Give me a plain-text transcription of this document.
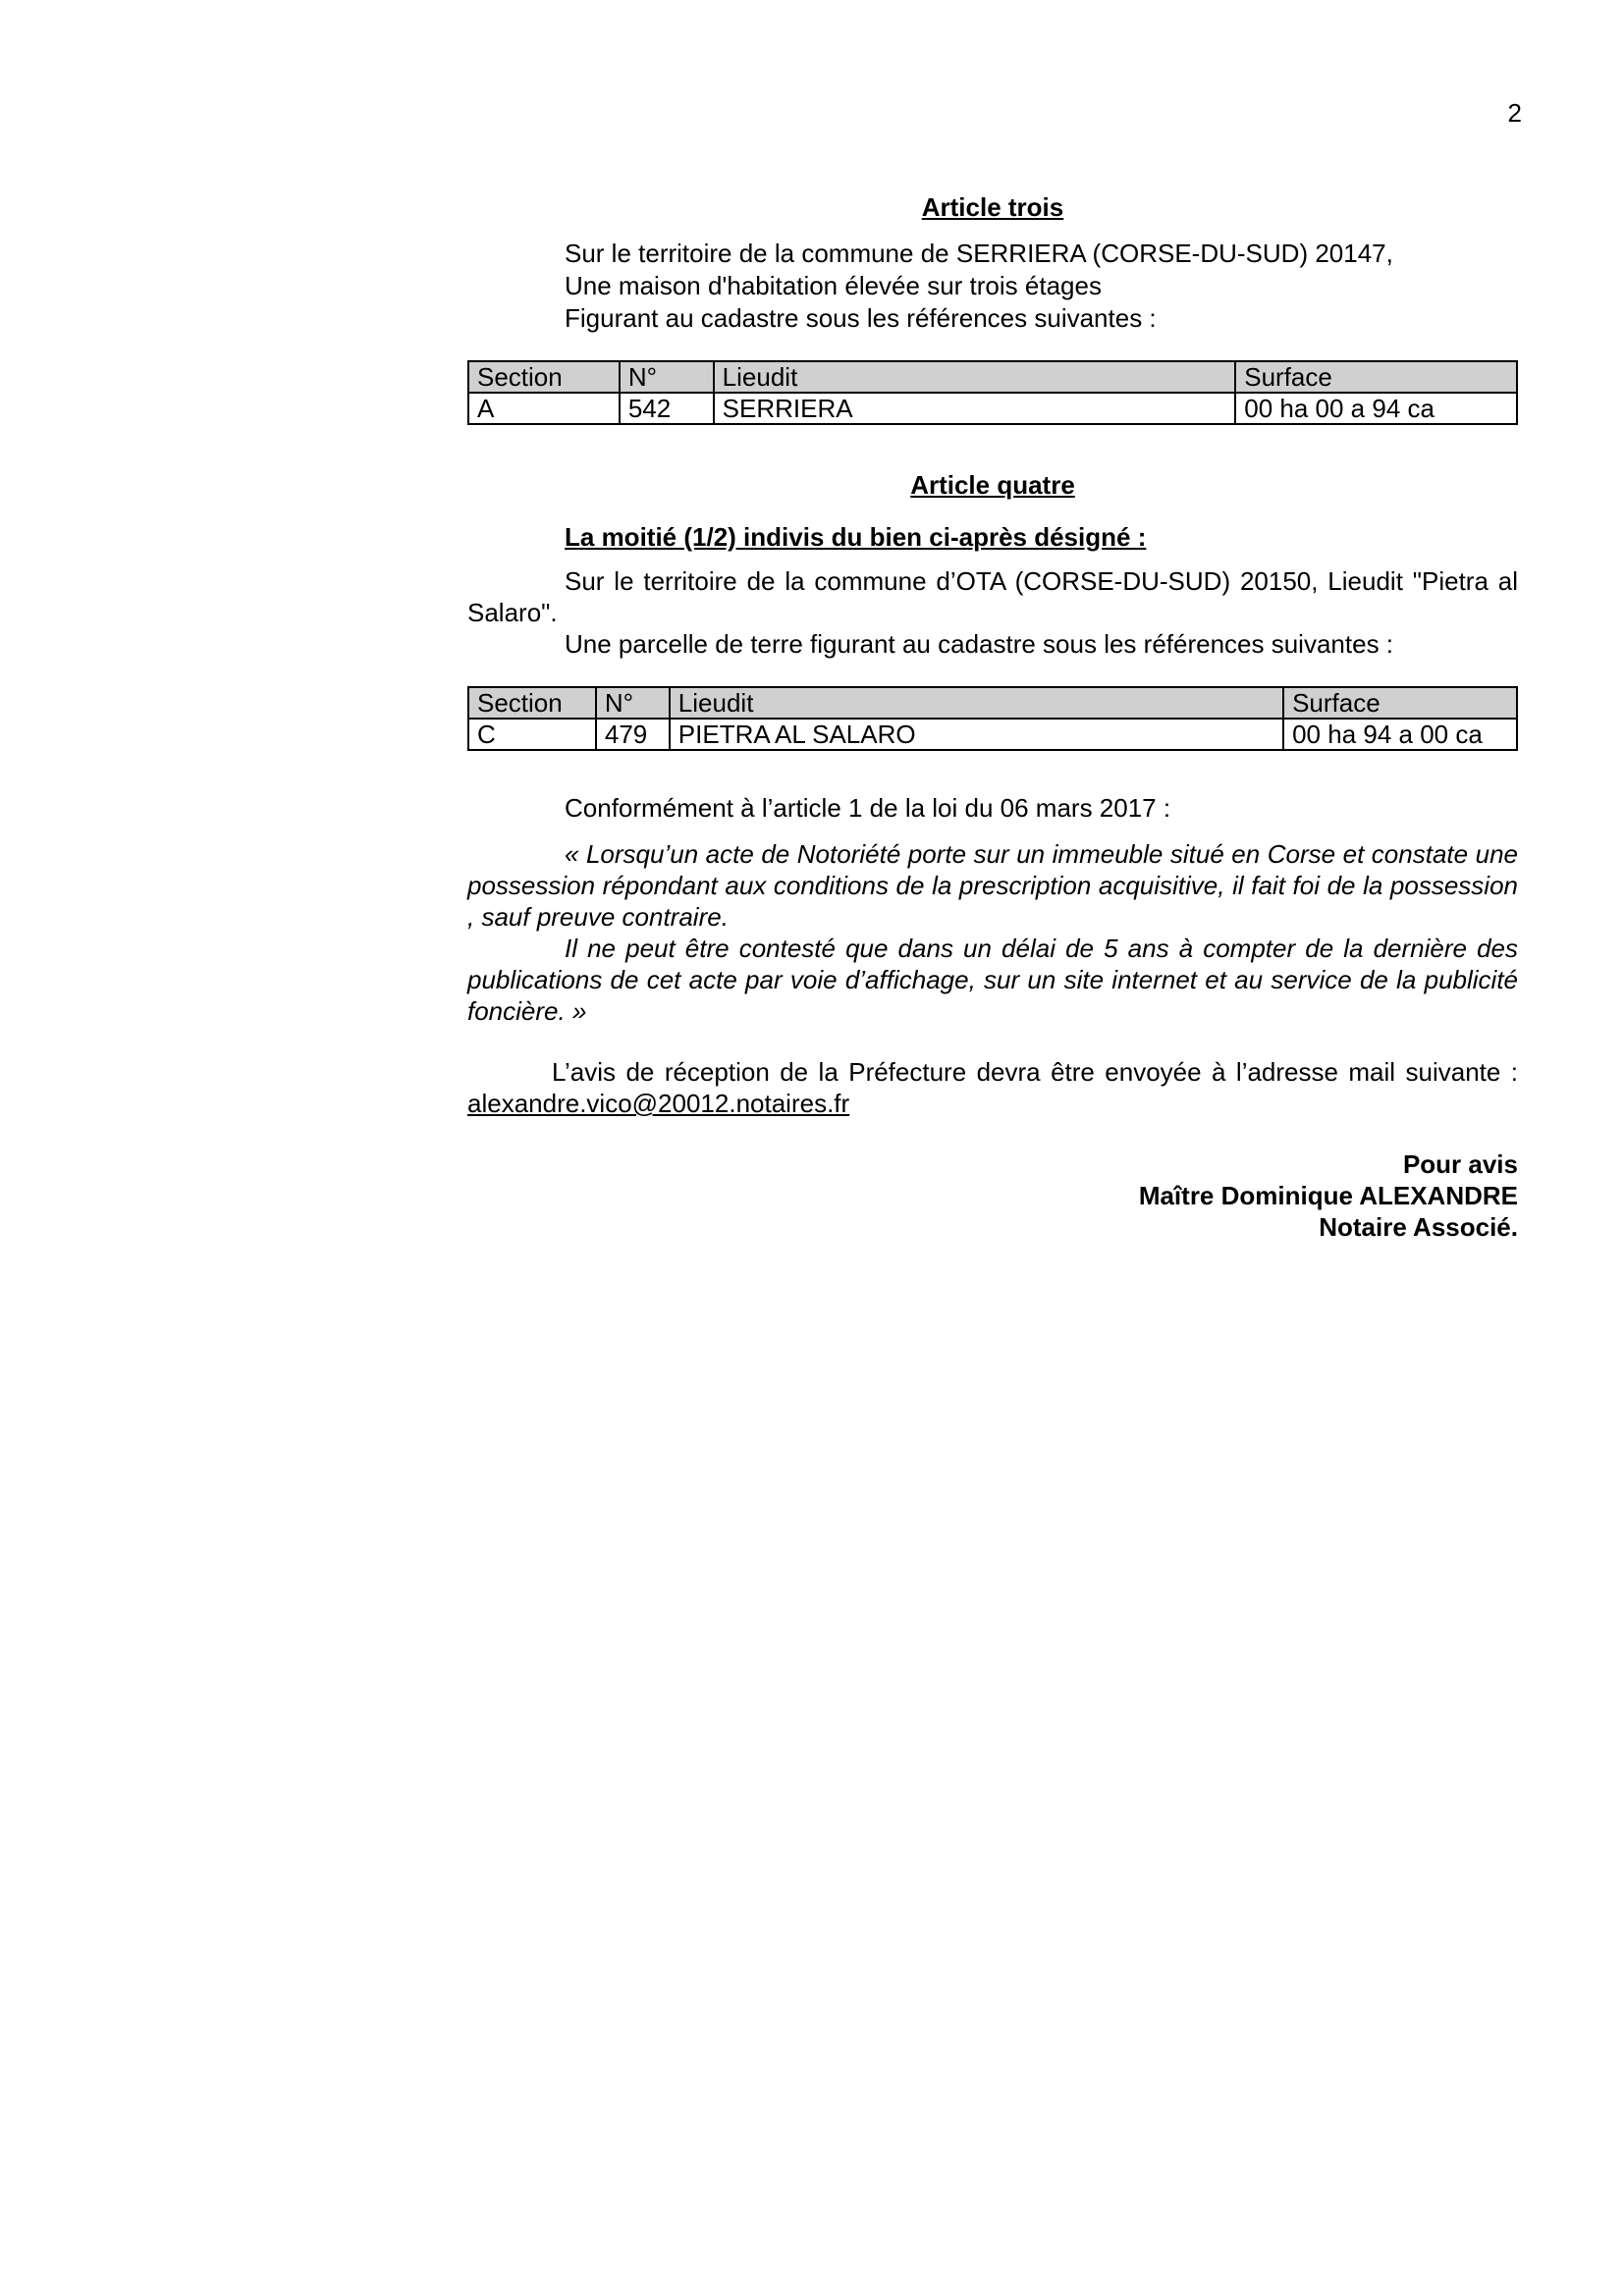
2

Article trois

Sur le territoire de la commune de SERRIERA (CORSE-DU-SUD) 20147,

Une maison d'habitation élevée sur trois étages

Figurant au cadastre sous les références suivantes :

Section	N°	Lieudit	Surface
A	542	SERRIERA	00 ha 00 a 94 ca

Article quatre

La moitié (1/2) indivis du bien ci-après désigné :

Sur le territoire de la commune d’OTA (CORSE-DU-SUD) 20150, Lieudit "Pietra al Salaro".

Une parcelle de terre figurant au cadastre sous les références suivantes :

Section	N°	Lieudit	Surface
C	479	PIETRA AL SALARO	00 ha 94 a 00 ca

Conformément à l’article 1 de la loi du 06 mars 2017 :

« Lorsqu’un acte de Notoriété porte sur un immeuble situé en Corse et constate une possession répondant aux conditions de la prescription acquisitive, il fait foi de la possession , sauf preuve contraire.

Il ne peut être contesté que dans un délai de 5 ans à compter de la dernière des publications de cet acte par voie d’affichage, sur un site internet et au service de la publicité foncière. »

L’avis de réception de la Préfecture devra être envoyée à l’adresse mail suivante : alexandre.vico@20012.notaires.fr

Pour avis

Maître Dominique ALEXANDRE

Notaire Associé.
